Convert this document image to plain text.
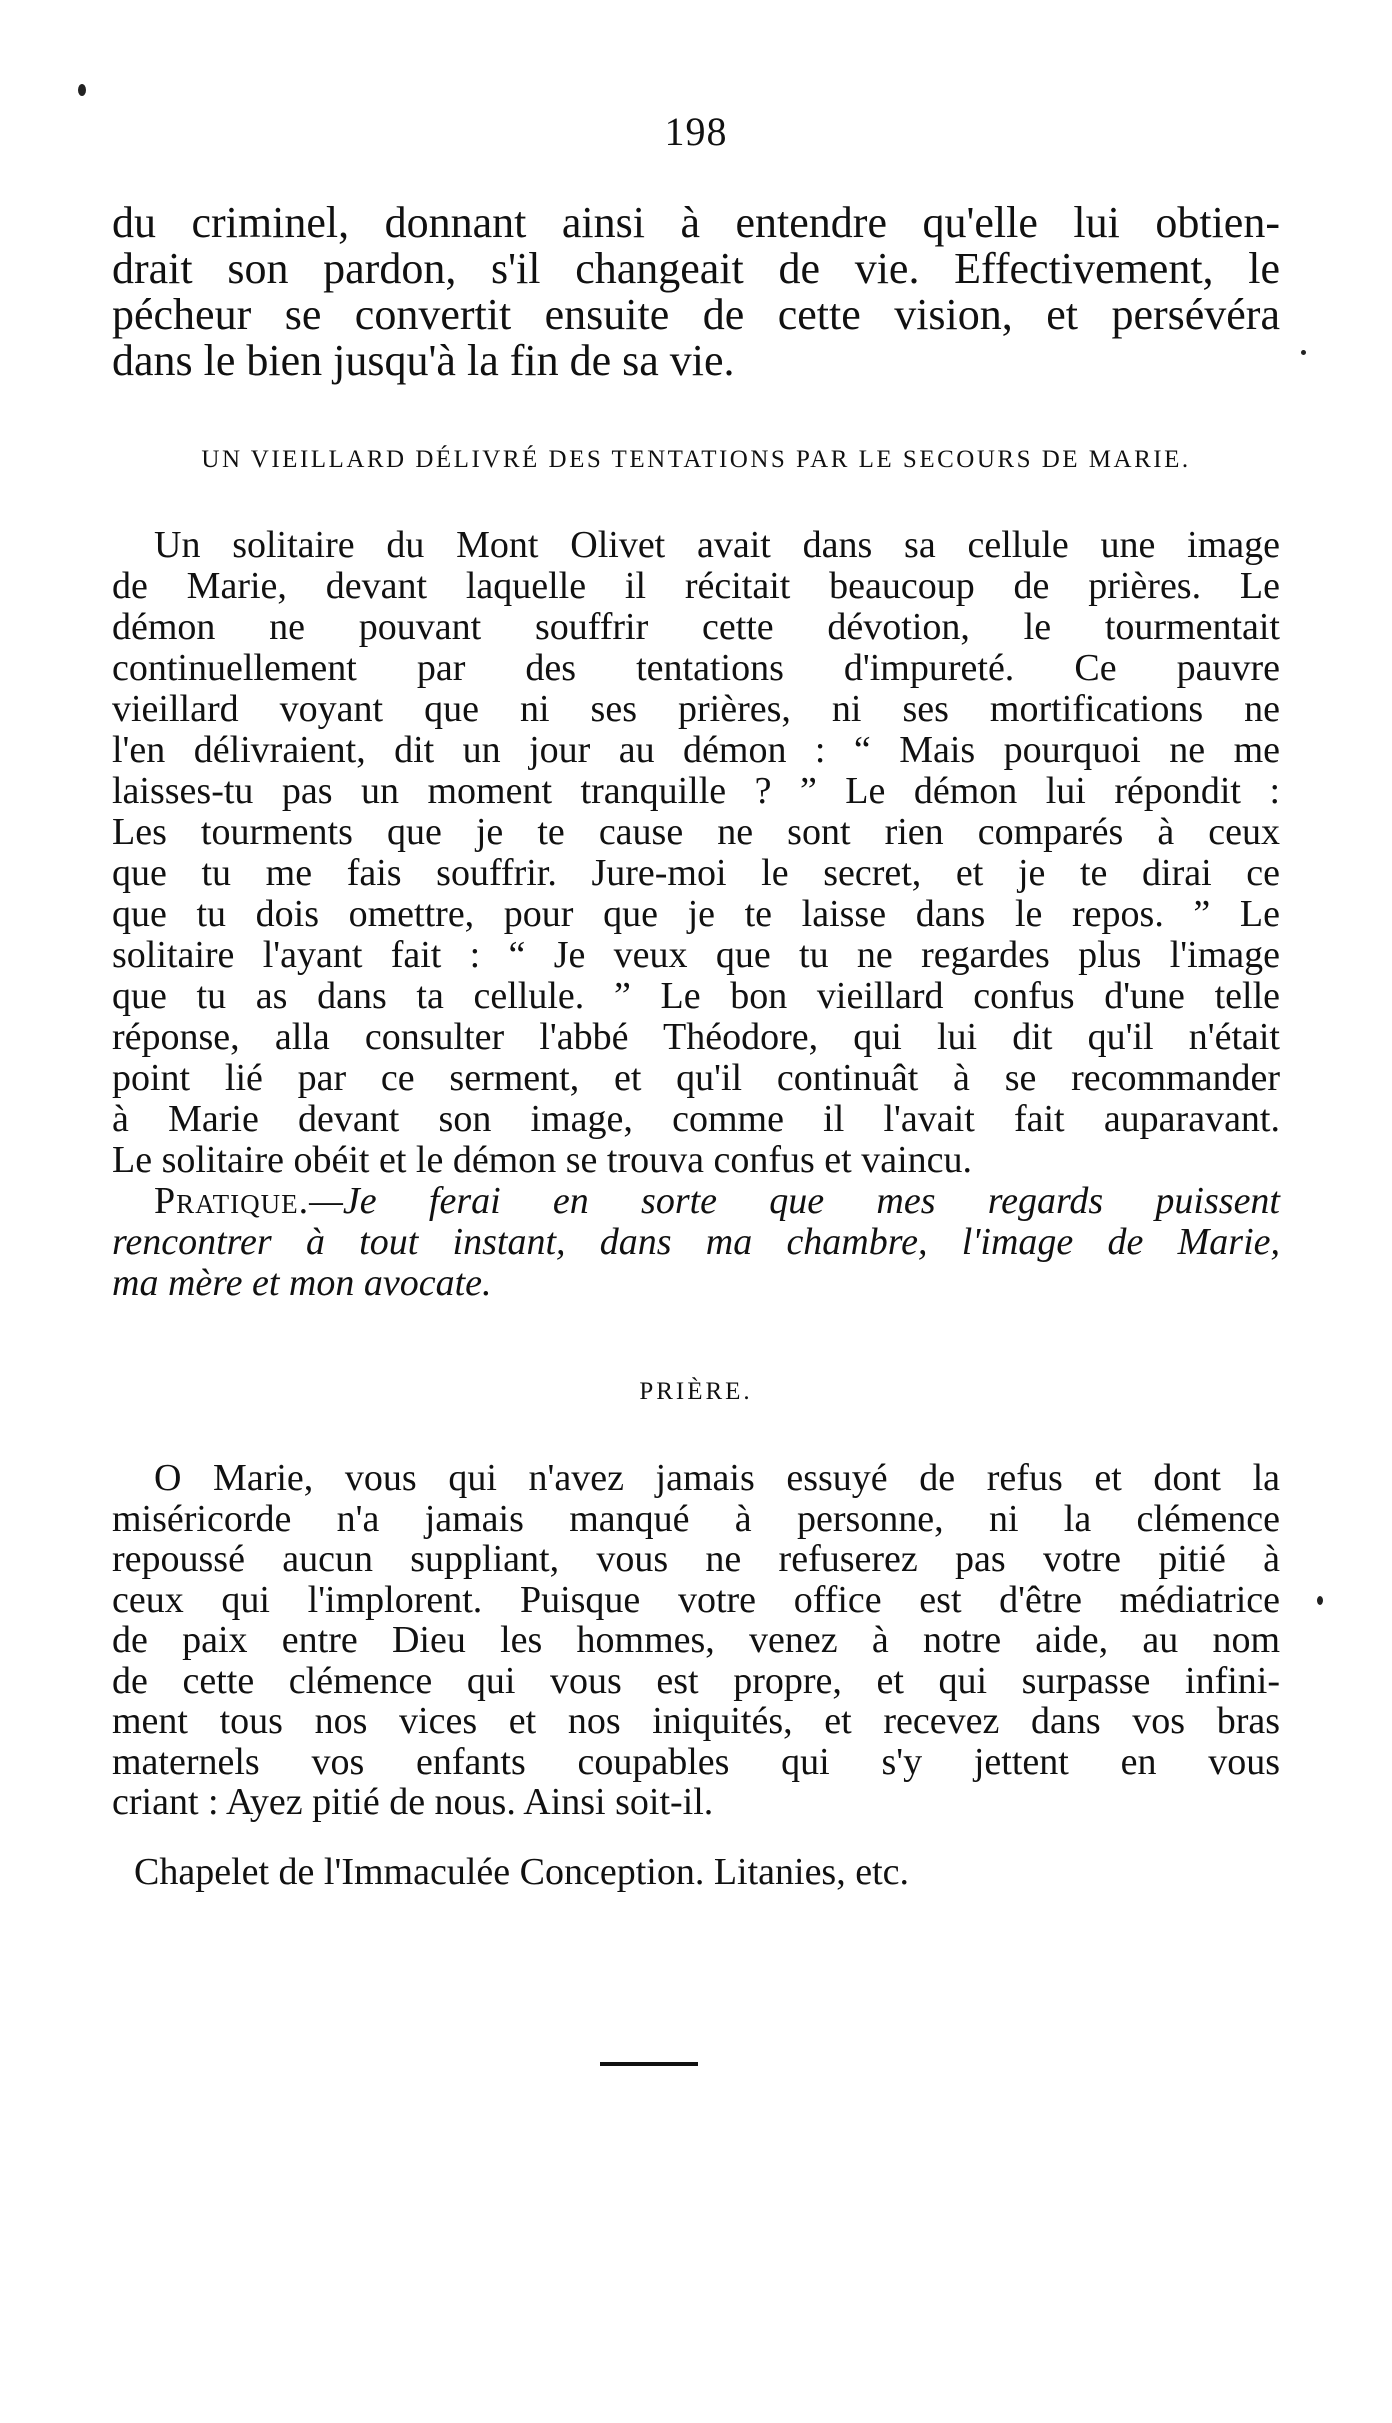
198
du criminel, donnant ainsi à entendre qu'elle lui obtien-
drait son pardon, s'il changeait de vie. Effectivement, le
pécheur se convertit ensuite de cette vision, et persévéra
dans le bien jusqu'à la fin de sa vie.
UN VIEILLARD DÉLIVRÉ DES TENTATIONS PAR LE SECOURS DE MARIE.
Un solitaire du Mont Olivet avait dans sa cellule une image
de Marie, devant laquelle il récitait beaucoup de prières. Le
démon ne pouvant souffrir cette dévotion, le tourmentait
continuellement par des tentations d'impureté. Ce pauvre
vieillard voyant que ni ses prières, ni ses mortifications ne
l'en délivraient, dit un jour au démon : “ Mais pourquoi ne me
laisses-tu pas un moment tranquille ? ” Le démon lui répondit :
Les tourments que je te cause ne sont rien comparés à ceux
que tu me fais souffrir. Jure-moi le secret, et je te dirai ce
que tu dois omettre, pour que je te laisse dans le repos. ” Le
solitaire l'ayant fait : “ Je veux que tu ne regardes plus l'image
que tu as dans ta cellule. ” Le bon vieillard confus d'une telle
réponse, alla consulter l'abbé Théodore, qui lui dit qu'il n'était
point lié par ce serment, et qu'il continuât à se recommander
à Marie devant son image, comme il l'avait fait auparavant.
Le solitaire obéit et le démon se trouva confus et vaincu.
Pratique.—Je ferai en sorte que mes regards puissent
rencontrer à tout instant, dans ma chambre, l'image de Marie,
ma mère et mon avocate.
PRIÈRE.
O Marie, vous qui n'avez jamais essuyé de refus et dont la
miséricorde n'a jamais manqué à personne, ni la clémence
repoussé aucun suppliant, vous ne refuserez pas votre pitié à
ceux qui l'implorent. Puisque votre office est d'être médiatrice
de paix entre Dieu les hommes, venez à notre aide, au nom
de cette clémence qui vous est propre, et qui surpasse infini-
ment tous nos vices et nos iniquités, et recevez dans vos bras
maternels vos enfants coupables qui s'y jettent en vous
criant : Ayez pitié de nous. Ainsi soit-il.
Chapelet de l'Immaculée Conception. Litanies, etc.
